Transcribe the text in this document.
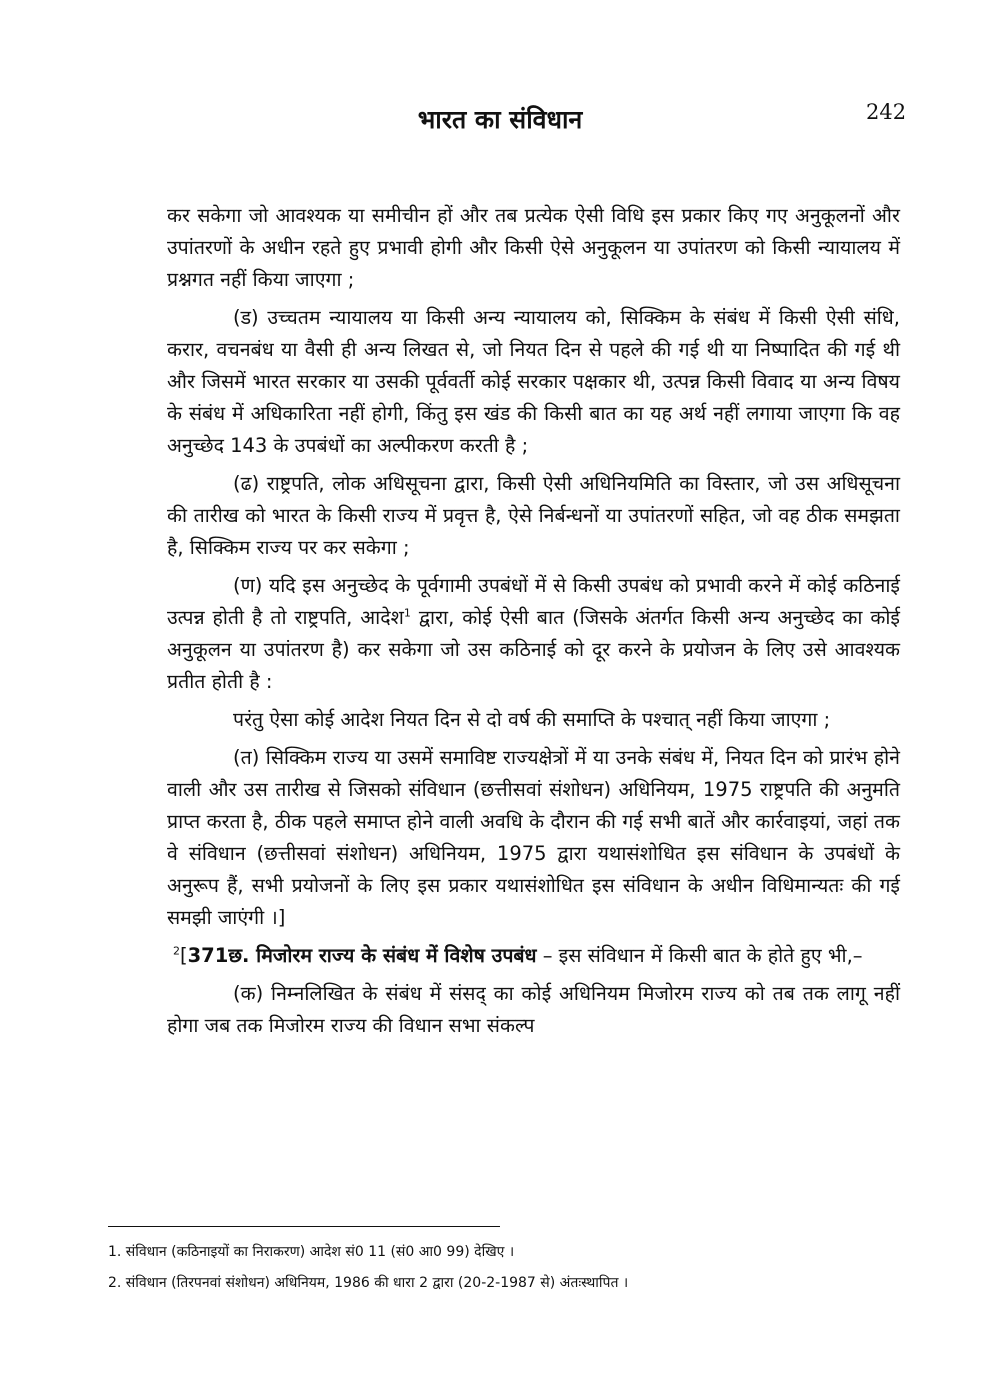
भारत का संविधान	242

कर सकेगा जो आवश्यक या समीचीन हों और तब प्रत्येक ऐसी विधि इस प्रकार किए गए अनुकूलनों और उपांतरणों के अधीन रहते हुए प्रभावी होगी और किसी ऐसे अनुकूलन या उपांतरण को किसी न्यायालय में प्रश्नगत नहीं किया जाएगा ;

(ड) उच्चतम न्यायालय या किसी अन्य न्यायालय को, सिक्किम के संबंध में किसी ऐसी संधि, करार, वचनबंध या वैसी ही अन्य लिखत से, जो नियत दिन से पहले की गई थी या निष्पादित की गई थी और जिसमें भारत सरकार या उसकी पूर्ववर्ती कोई सरकार पक्षकार थी, उत्पन्न किसी विवाद या अन्य विषय के संबंध में अधिकारिता नहीं होगी, किंतु इस खंड की किसी बात का यह अर्थ नहीं लगाया जाएगा कि वह अनुच्छेद 143 के उपबंधों का अल्पीकरण करती है ;

(ढ) राष्ट्रपति, लोक अधिसूचना द्वारा, किसी ऐसी अधिनियमिति का विस्तार, जो उस अधिसूचना की तारीख को भारत के किसी राज्य में प्रवृत्त है, ऐसे निर्बन्धनों या उपांतरणों सहित, जो वह ठीक समझता है, सिक्किम राज्य पर कर सकेगा ;

(ण) यदि इस अनुच्छेद के पूर्वगामी उपबंधों में से किसी उपबंध को प्रभावी करने में कोई कठिनाई उत्पन्न होती है तो राष्ट्रपति, आदेश$^1$ द्वारा, कोई ऐसी बात (जिसके अंतर्गत किसी अन्य अनुच्छेद का कोई अनुकूलन या उपांतरण है) कर सकेगा जो उस कठिनाई को दूर करने के प्रयोजन के लिए उसे आवश्यक प्रतीत होती है :

परंतु ऐसा कोई आदेश नियत दिन से दो वर्ष की समाप्ति के पश्चात् नहीं किया जाएगा ;

(त) सिक्किम राज्य या उसमें समाविष्ट राज्यक्षेत्रों में या उनके संबंध में, नियत दिन को प्रारंभ होने वाली और उस तारीख से जिसको संविधान (छत्तीसवां संशोधन) अधिनियम, 1975 राष्ट्रपति की अनुमति प्राप्त करता है, ठीक पहले समाप्त होने वाली अवधि के दौरान की गई सभी बातें और कार्रवाइयां, जहां तक वे संविधान (छत्तीसवां संशोधन) अधिनियम, 1975 द्वारा यथासंशोधित इस संविधान के उपबंधों के अनुरूप हैं, सभी प्रयोजनों के लिए इस प्रकार यथासंशोधित इस संविधान के अधीन विधिमान्यतः की गई समझी जाएंगी ।]

$^2$[371छ. मिजोरम राज्य के संबंध में विशेष उपबंध – इस संविधान में किसी बात के होते हुए भी,–

(क) निम्नलिखित के संबंध में संसद् का कोई अधिनियम मिजोरम राज्य को तब तक लागू नहीं होगा जब तक मिजोरम राज्य की विधान सभा संकल्प

1. संविधान (कठिनाइयों का निराकरण) आदेश सं0 11 (सं0 आ0 99) देखिए ।

2. संविधान (तिरपनवां संशोधन) अधिनियम, 1986 की धारा 2 द्वारा (20-2-1987 से) अंतःस्थापित ।
